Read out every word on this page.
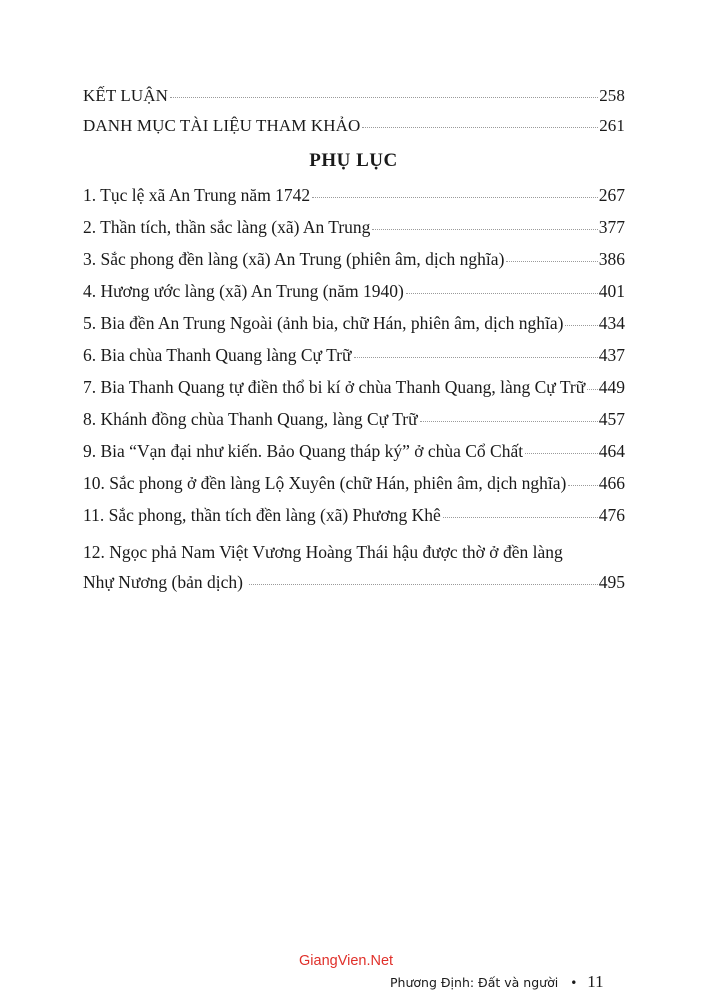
KẾT LUẬN	258
DANH MỤC TÀI LIỆU THAM KHẢO	261
PHỤ LỤC
1. Tục lệ xã An Trung năm 1742	267
2. Thần tích, thần sắc làng (xã) An Trung	377
3. Sắc phong đền làng (xã) An Trung (phiên âm, dịch nghĩa)	386
4. Hương ước làng (xã) An Trung (năm 1940)	401
5. Bia đền An Trung Ngoài (ảnh bia, chữ Hán, phiên âm, dịch nghĩa) 434
6. Bia chùa Thanh Quang làng Cự Trữ	437
7. Bia Thanh Quang tự điền thổ bi kí ở chùa Thanh Quang, làng Cự Trữ 449
8. Khánh đồng chùa Thanh Quang, làng Cự Trữ	457
9. Bia “Vạn đại như kiến. Bảo Quang tháp ký” ở chùa Cổ Chất	464
10. Sắc phong ở đền làng Lộ Xuyên (chữ Hán, phiên âm, dịch nghĩa) 466
11. Sắc phong, thần tích đền làng (xã) Phương Khê	476
12. Ngọc phả Nam Việt Vương Hoàng Thái hậu được thờ ở đền làng
Nhự Nương (bản dịch)	495
GiangVien.Net
Phương Định: Đất và người • 11
